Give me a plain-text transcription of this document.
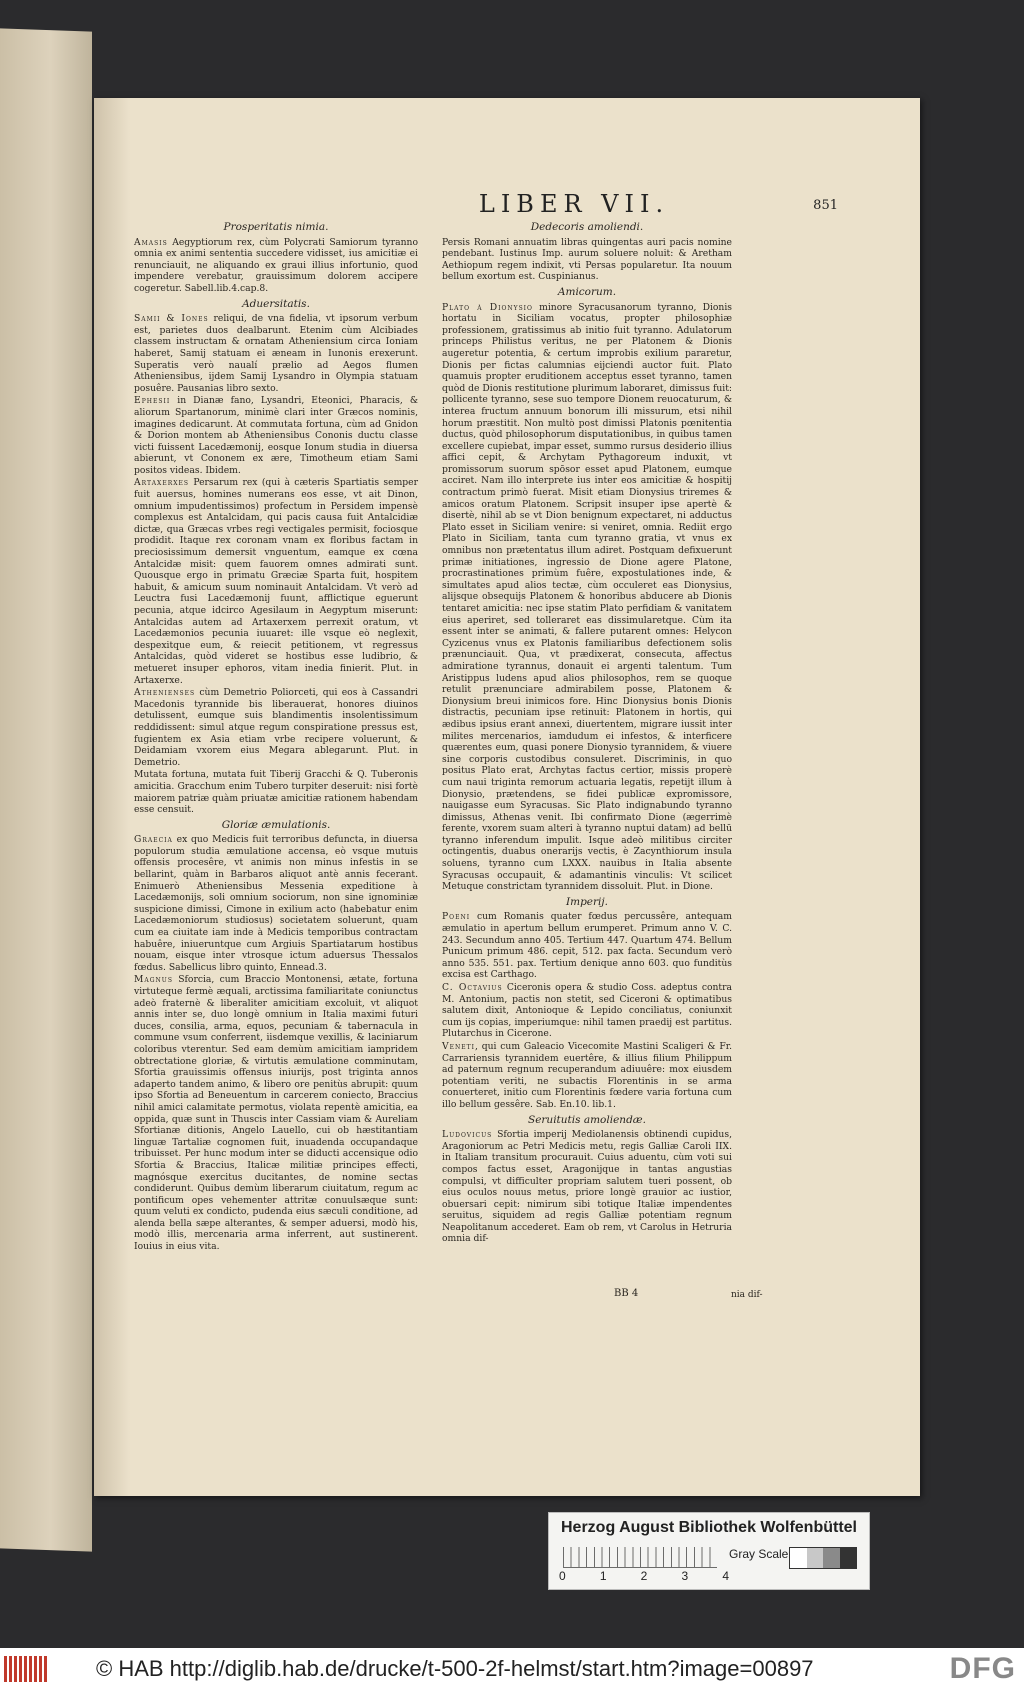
LIBER VII.	851
Prosperitatis nimia.
Amasis Aegyptiorum rex, cùm Polycrati Samiorum tyranno omnia ex animi sententia succedere vidisset, ius amicitiæ ei renunciauit, ne aliquando ex graui illius infortunio, quod impendere verebatur, grauissimum dolorem accipere cogeretur. Sabell.lib.4.cap.8.
Aduersitatis.
Samii & Iones reliqui, de vna fidelia, vt ipsorum verbum est, parietes duos dealbarunt. Etenim cùm Alcibiades classem instructam & ornatam Atheniensium circa Ioniam haberet, Samij statuam ei æneam in Iunonis erexerunt. Superatis verò naualí prælio ad Aegos flumen Atheniensibus, ijdem Samij Lysandro in Olympia statuam posuêre. Pausanias libro sexto.
Ephesii in Dianæ fano, Lysandri, Eteonici, Pharacis, & aliorum Spartanorum, minimè clari inter Græcos nominis, imagines dedicarunt. At commutata fortuna, cùm ad Gnidon & Dorion montem ab Atheniensibus Cononis ductu classe victi fuissent Lacedæmonij, eosque Ionum studia in diuersa abierunt, vt Cononem ex ære, Timotheum etiam Sami positos videas. Ibidem.
Artaxerxes Persarum rex (qui à cæteris Spartiatis semper fuit auersus, homines numerans eos esse, vt ait Dinon, omnium impudentissimos) profectum in Persidem impensè complexus est Antalcidam, qui pacis causa fuit Antalcidiæ dictæ, qua Græcas vrbes regi vectigales permisit, fociosque prodidit. Itaque rex coronam vnam ex floribus factam in preciosissimum demersit vnguentum, eamque ex cœna Antalcidæ misit: quem fauorem omnes admirati sunt. Quousque ergo in primatu Græciæ Sparta fuit, hospitem habuit, & amicum suum nominauit Antalcidam. Vt verò ad Leuctra fusi Lacedæmonij fuunt, afflictique eguerunt pecunia, atque idcirco Agesilaum in Aegyptum miserunt: Antalcidas autem ad Artaxerxem perrexit oratum, vt Lacedæmonios pecunia iuuaret: ille vsque eò neglexit, despexitque eum, & reiecit petitionem, vt regressus Antalcidas, quòd videret se hostibus esse ludibrio, & metueret insuper ephoros, vitam inedia finierit. Plut. in Artaxerxe.
Athenienses cùm Demetrio Poliorceti, qui eos à Cassandri Macedonis tyrannide bis liberauerat, honores diuinos detulissent, eumque suis blandimentis insolentissimum reddidissent: simul atque regum conspiratione pressus est, fugientem ex Asia etiam vrbe recipere voluerunt, & Deidamiam vxorem eius Megara ablegarunt. Plut. in Demetrio.
Mutata fortuna, mutata fuit Tiberij Gracchi & Q. Tuberonis amicitia. Gracchum enim Tubero turpiter deseruit: nisi fortè maiorem patriæ quàm priuatæ amicitiæ rationem habendam esse censuit.
Gloriæ æmulationis.
Graecia ex quo Medicis fuit terroribus defuncta, in diuersa populorum studia æmulatione accensa, eò vsque mutuis offensis procesêre, vt animis non minus infestis in se bellarint, quàm in Barbaros aliquot antè annis fecerant. Enimuerò Atheniensibus Messenia expeditione à Lacedæmonijs, soli omnium sociorum, non sine ignominiæ suspicione dimissi, Cimone in exilium acto (habebatur enim Lacedæmoniorum studiosus) societatem soluerunt, quam cum ea ciuitate iam inde à Medicis temporibus contractam habuêre, iniueruntque cum Argiuis Spartiatarum hostibus nouam, eisque inter vtrosque ictum aduersus Thessalos fœdus. Sabellicus libro quinto, Ennead.3.
Magnus Sforcia, cum Braccio Montonensi, ætate, fortuna virtuteque fermè æquali, arctissima familiaritate coniunctus adeò fraternè & liberaliter amicitiam excoluit, vt aliquot annis inter se, duo longè omnium in Italia maximi futuri duces, consilia, arma, equos, pecuniam & tabernacula in commune vsum conferrent, iisdemque vexillis, & laciniarum coloribus vterentur. Sed eam demùm amicitiam iampridem obtrectatione gloriæ, & virtutis æmulatione comminutam, Sfortia grauissimis offensus iniurijs, post triginta annos adaperto tandem animo, & libero ore penitùs abrupit: quum ipso Sfortia ad Beneuentum in carcerem coniecto, Braccius nihil amici calamitate permotus, violata repentè amicitia, ea oppida, quæ sunt in Thuscis inter Cassiam viam & Aureliam Sfortianæ ditionis, Angelo Lauello, cui ob hæstitantiam linguæ Tartaliæ cognomen fuit, inuadenda occupandaque tribuisset. Per hunc modum inter se diducti accensique odio Sfortia & Braccius, Italicæ militiæ principes effecti, magnósque exercitus ducitantes, de nomine sectas condiderunt. Quibus demùm liberarum ciuitatum, regum ac pontificum opes vehementer attritæ conuulsæque sunt: quum veluti ex condicto, pudenda eius sæculi conditione, ad alenda bella sæpe alterantes, & semper aduersi, modò his, modò illis, mercenaria arma inferrent, aut sustinerent. Iouius in eius vita.
Dedecoris amoliendi.
Persis Romani annuatim libras quingentas auri pacis nomine pendebant. Iustinus Imp. aurum soluere noluit: & Aretham Aethiopum regem indixit, vti Persas popularetur. Ita nouum bellum exortum est. Cuspinianus.
Amicorum.
Plato à Dionysio minore Syracusanorum tyranno, Dionis hortatu in Siciliam vocatus, propter philosophiæ professionem, gratissimus ab initio fuit tyranno. Adulatorum princeps Philistus veritus, ne per Platonem & Dionis augeretur potentia, & certum improbis exilium pararetur, Dionis per fictas calumnias eijciendi auctor fuit. Plato quamuis propter eruditionem acceptus esset tyranno, tamen quòd de Dionis restitutione plurimum laboraret, dimissus fuit: pollicente tyranno, sese suo tempore Dionem reuocaturum, & interea fructum annuum bonorum illi missurum, etsi nihil horum præstitit. Non multò post dimissi Platonis pœnitentia ductus, quòd philosophorum disputationibus, in quibus tamen excellere cupiebat, impar esset, summo rursus desiderio illius affici cepit, & Archytam Pythagoreum induxit, vt promissorum suorum spōsor esset apud Platonem, eumque acciret. Nam illo interprete ius inter eos amicitiæ & hospitij contractum primò fuerat. Misit etiam Dionysius triremes & amicos oratum Platonem. Scripsit insuper ipse apertè & disertè, nihil ab se vt Dion benignum expectaret, ni adductus Plato esset in Siciliam venire: si veniret, omnia. Rediit ergo Plato in Siciliam, tanta cum tyranno gratia, vt vnus ex omnibus non prætentatus illum adiret. Postquam defixuerunt primæ initiationes, ingressio de Dione agere Platone, procrastinationes primùm fuêre, expostulationes inde, & simultates apud alios tectæ, cùm occuleret eas Dionysius, alijsque obsequijs Platonem & honoribus abducere ab Dionis tentaret amicitia: nec ipse statim Plato perfidiam & vanitatem eius aperiret, sed tolleraret eas dissimularetque. Cùm ita essent inter se animati, & fallere putarent omnes: Helycon Cyzicenus vnus ex Platonis familiaribus defectionem solis prænunciauit. Qua, vt prædixerat, consecuta, affectus admiratione tyrannus, donauit ei argenti talentum. Tum Aristippus ludens apud alios philosophos, rem se quoque retulit prænunciare admirabilem posse, Platonem & Dionysium breui inimicos fore. Hinc Dionysius bonis Dionis distractis, pecuniam ipse retinuit: Platonem in hortis, qui ædibus ipsius erant annexi, diuertentem, migrare iussit inter milites mercenarios, iamdudum ei infestos, & interficere quærentes eum, quasi ponere Dionysio tyrannidem, & viuere sine corporis custodibus consuleret. Discriminis, in quo positus Plato erat, Archytas factus certior, missis properè cum naui triginta remorum actuaria legatis, repetijt illum à Dionysio, prætendens, se fidei publicæ expromissore, nauigasse eum Syracusas. Sic Plato indignabundo tyranno dimissus, Athenas venit. Ibi confirmato Dione (ægerrimè ferente, vxorem suam alteri à tyranno nuptui datam) ad bellū tyranno inferendum impulit. Isque adeò militibus circiter octingentis, duabus onerarijs vectis, è Zacynthiorum insula soluens, tyranno cum LXXX. nauibus in Italia absente Syracusas occupauit, & adamantinis vinculis: Vt scilicet Metuque constrictam tyrannidem dissoluit. Plut. in Dione.
Imperij.
Poeni cum Romanis quater fœdus percussêre, antequam æmulatio in apertum bellum erumperet. Primum anno V. C. 243. Secundum anno 405. Tertium 447. Quartum 474. Bellum Punicum primum 486. cepit, 512. pax facta. Secundum verò anno 535. 551. pax. Tertium denique anno 603. quo funditùs excisa est Carthago.
C. Octavius Ciceronis opera & studio Coss. adeptus contra M. Antonium, pactis non stetit, sed Ciceroni & optimatibus salutem dixit, Antonioque & Lepido conciliatus, coniunxit cum ijs copias, imperiumque: nihil tamen praedij est partitus. Plutarchus in Cicerone.
Veneti, qui cum Galeacio Vicecomite Mastini Scaligeri & Fr. Carrariensis tyrannidem euertêre, & illius filium Philippum ad paternum regnum recuperandum adiuuêre: mox eiusdem potentiam veriti, ne subactis Florentinis in se arma conuerteret, initio cum Florentinis fœdere varia fortuna cum illo bellum gessêre. Sab. En.10. lib.1.
Seruitutis amoliendæ.
Ludovicus Sfortia imperij Mediolanensis obtinendi cupidus, Aragoniorum ac Petri Medicis metu, regis Galliæ Caroli IIX. in Italiam transitum procurauit. Cuius aduentu, cùm voti sui compos factus esset, Aragonijque in tantas angustias compulsi, vt difficulter propriam salutem tueri possent, ob eius oculos nouus metus, priore longè grauior ac iustior, obuersari cepit: nimirum sibi totique Italiæ impendentes seruitus, siquidem ad regis Galliæ potentiam regnum Neapolitanum accederet. Eam ob rem, vt Carolus in Hetruria omnia dif-
BB 4	nia dif-
Herzog August Bibliothek Wolfenbüttel
0	1	2	3	4
Gray Scale
© HAB http://diglib.hab.de/drucke/t-500-2f-helmst/start.htm?image=00897	DFG
